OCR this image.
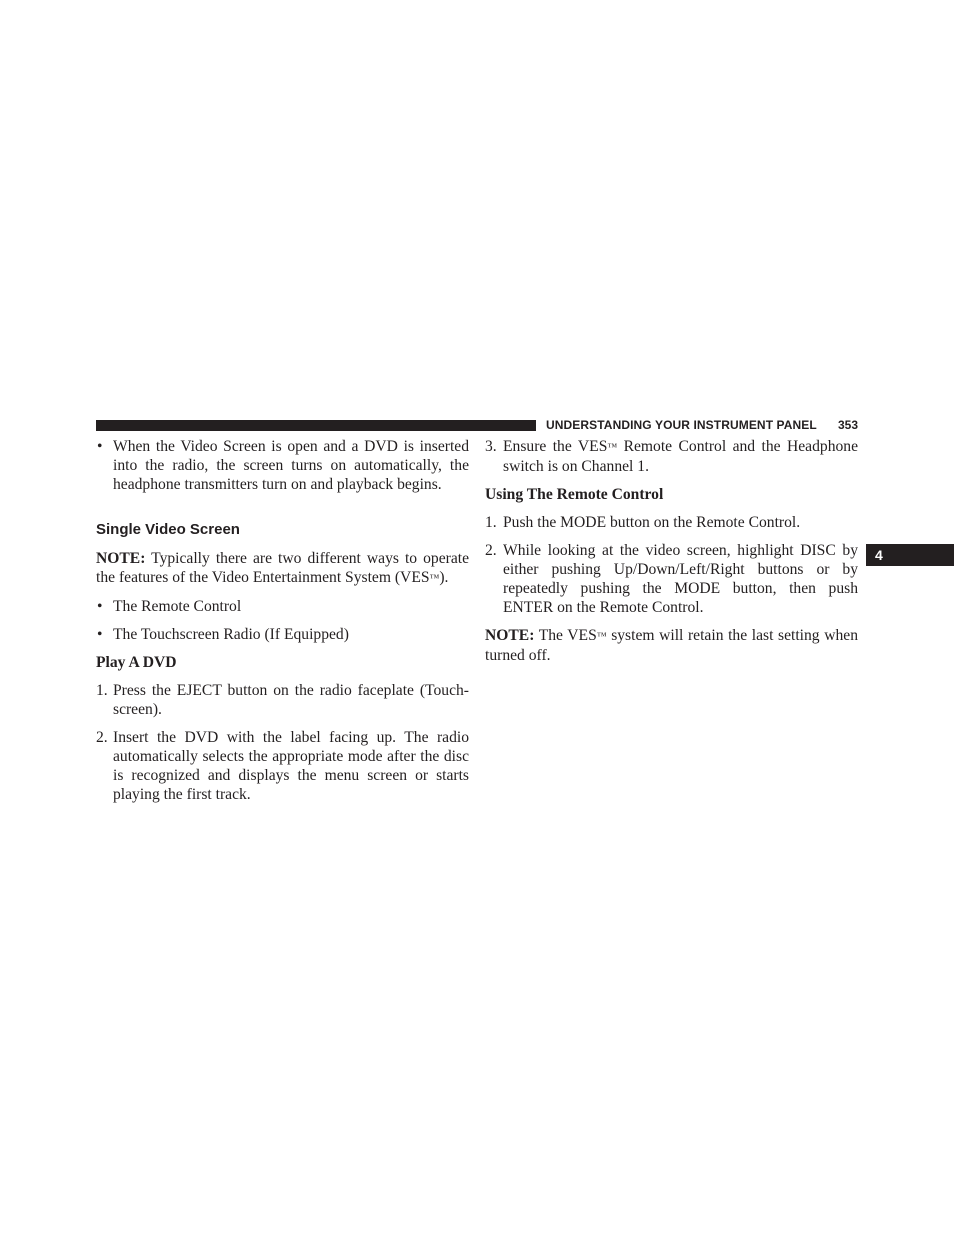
UNDERSTANDING YOUR INSTRUMENT PANEL 353
4
• When the Video Screen is open and a DVD is inserted into the radio, the screen turns on automatically, the headphone transmitters turn on and playback begins.

Single Video Screen

NOTE: Typically there are two different ways to operate the features of the Video Entertainment System (VES™).

• The Remote Control
• The Touchscreen Radio (If Equipped)

Play A DVD

1. Press the EJECT button on the radio faceplate (Touch-screen).
2. Insert the DVD with the label facing up. The radio automatically selects the appropriate mode after the disc is recognized and displays the menu screen or starts playing the first track.
3. Ensure the VES™ Remote Control and the Headphone switch is on Channel 1.

Using The Remote Control

1. Push the MODE button on the Remote Control.
2. While looking at the video screen, highlight DISC by either pushing Up/Down/Left/Right buttons or by repeatedly pushing the MODE button, then push ENTER on the Remote Control.

NOTE: The VES™ system will retain the last setting when turned off.
